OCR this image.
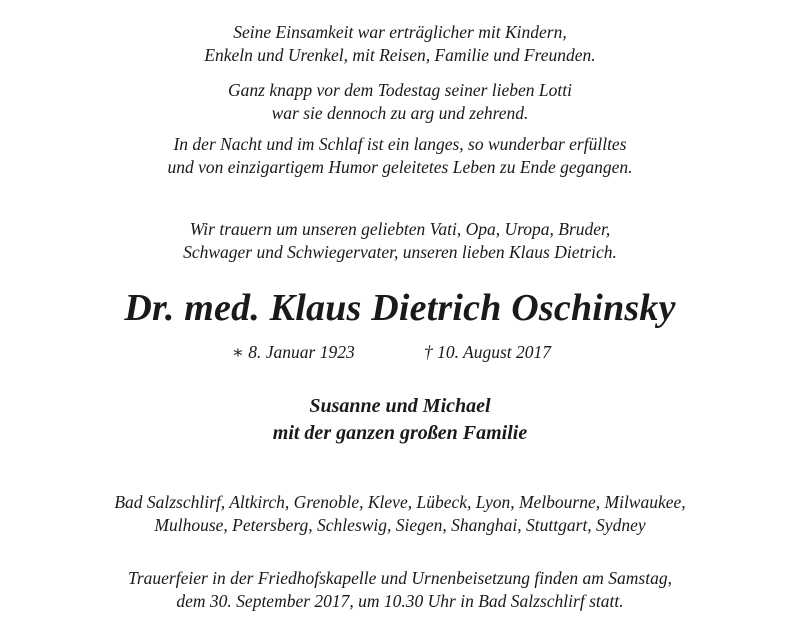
Seine Einsamkeit war erträglicher mit Kindern,
Enkeln und Urenkel, mit Reisen, Familie und Freunden.
Ganz knapp vor dem Todestag seiner lieben Lotti
war sie dennoch zu arg und zehrend.
In der Nacht und im Schlaf ist ein langes, so wunderbar erfülltes
und von einzigartigem Humor geleitetes Leben zu Ende gegangen.
Wir trauern um unseren geliebten Vati, Opa, Uropa, Bruder,
Schwager und Schwiegervater, unseren lieben Klaus Dietrich.
Dr. med. Klaus Dietrich Oschinsky
∗ 8. Januar 1923	† 10. August 2017
Susanne und Michael
mit der ganzen großen Familie
Bad Salzschlirf, Altkirch, Grenoble, Kleve, Lübeck, Lyon, Melbourne, Milwaukee,
Mulhouse, Petersberg, Schleswig, Siegen, Shanghai, Stuttgart, Sydney
Trauerfeier in der Friedhofskapelle und Urnenbeisetzung finden am Samstag,
dem 30. September 2017, um 10.30 Uhr in Bad Salzschlirf statt.
